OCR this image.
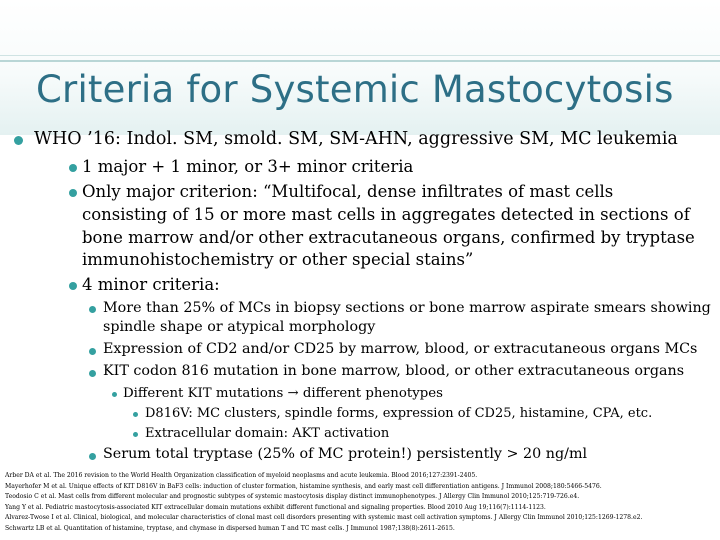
Criteria for Systemic Mastocytosis
WHO ’16: Indol. SM, smold. SM, SM-AHN, aggressive SM, MC leukemia
1 major + 1 minor, or 3+ minor criteria
Only major criterion: “Multifocal, dense infiltrates of mast cells
consisting of 15 or more mast cells in aggregates detected in sections of
bone marrow and/or other extracutaneous organs, confirmed by tryptase
immunohistochemistry or other special stains”
4 minor criteria:
More than 25% of MCs in biopsy sections or bone marrow aspirate smears showing
spindle shape or atypical morphology
Expression of CD2 and/or CD25 by marrow, blood, or extracutaneous organs MCs
KIT codon 816 mutation in bone marrow, blood, or other extracutaneous organs
Different KIT mutations → different phenotypes
D816V: MC clusters, spindle forms, expression of CD25, histamine, CPA, etc.
Extracellular domain: AKT activation
Serum total tryptase (25% of MC protein!) persistently > 20 ng/ml
Arber DA et al. The 2016 revision to the World Health Organization classification of myeloid neoplasms and acute leukemia. Blood 2016;127:2391-2405.
Mayerhofer M et al. Unique effects of KIT D816V in BaF3 cells: induction of cluster formation, histamine synthesis, and early mast cell differentiation antigens. J Immunol 2008;180:5466-5476.
Teodosio C et al. Mast cells from different molecular and prognostic subtypes of systemic mastocytosis display distinct immunophenotypes. J Allergy Clin Immunol 2010;125:719-726.e4.
Yang Y et al. Pediatric mastocytosis-associated KIT extracellular domain mutations exhibit different functional and signaling properties. Blood 2010 Aug 19;116(7):1114-1123.
Alvarez-Twose I et al. Clinical, biological, and molecular characteristics of clonal mast cell disorders presenting with systemic mast cell activation symptoms. J Allergy Clin Immunol 2010;125:1269-1278.e2.
Schwartz LB et al. Quantitation of histamine, tryptase, and chymase in dispersed human T and TC mast cells. J Immunol 1987;138(8):2611-2615.
